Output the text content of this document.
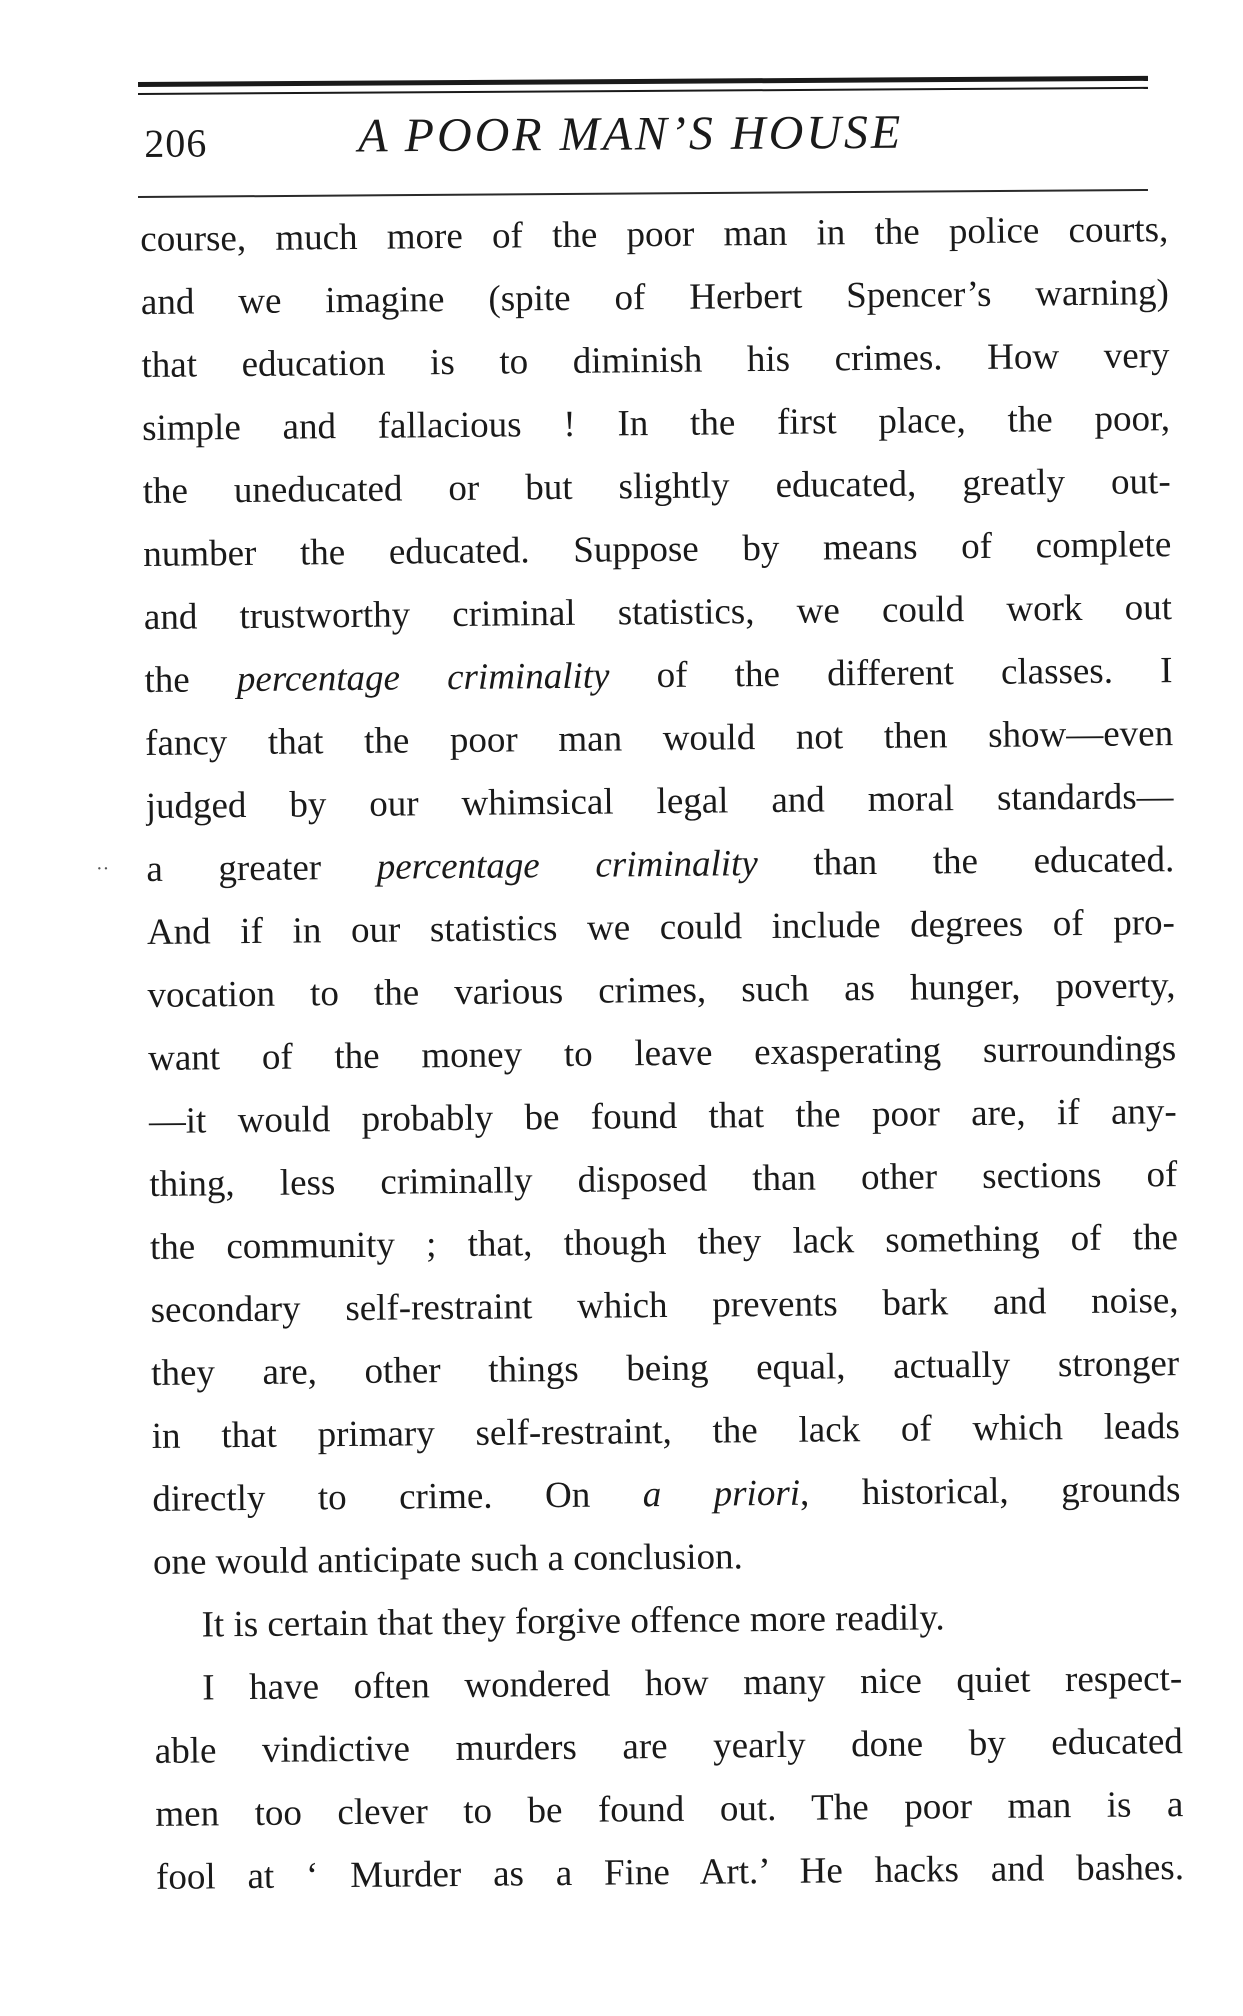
206	A POOR MAN’S HOUSE
··
course, much more of the poor man in the police courts,
and we imagine (spite of Herbert Spencer’s warning)
that education is to diminish his crimes. How very
simple and fallacious ! In the first place, the poor,
the uneducated or but slightly educated, greatly out-
number the educated. Suppose by means of complete
and trustworthy criminal statistics, we could work out
the percentage criminality of the different classes. I
fancy that the poor man would not then show—even
judged by our whimsical legal and moral standards—
a greater percentage criminality than the educated.
And if in our statistics we could include degrees of pro-
vocation to the various crimes, such as hunger, poverty,
want of the money to leave exasperating surroundings
—it would probably be found that the poor are, if any-
thing, less criminally disposed than other sections of
the community ; that, though they lack something of the
secondary self-restraint which prevents bark and noise,
they are, other things being equal, actually stronger
in that primary self-restraint, the lack of which leads
directly to crime. On a priori, historical, grounds
one would anticipate such a conclusion.
It is certain that they forgive offence more readily.
I have often wondered how many nice quiet respect-
able vindictive murders are yearly done by educated
men too clever to be found out. The poor man is a
fool at ‘ Murder as a Fine Art.’ He hacks and bashes.
